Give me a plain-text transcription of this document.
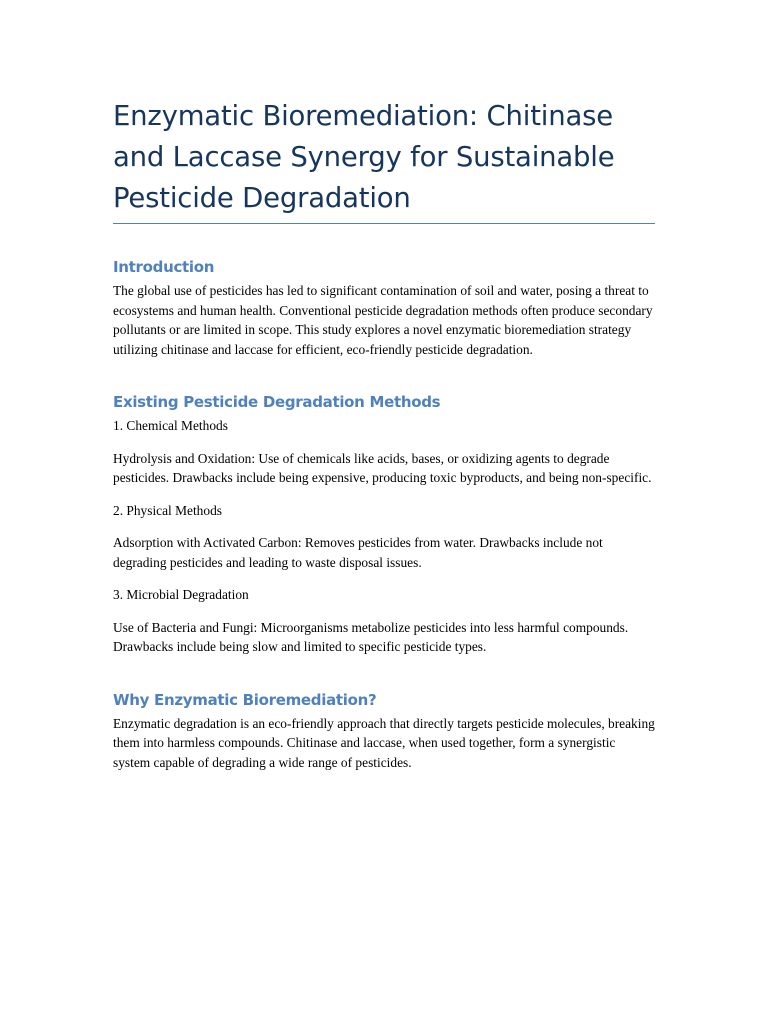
Enzymatic Bioremediation: Chitinase and Laccase Synergy for Sustainable Pesticide Degradation
Introduction

The global use of pesticides has led to significant contamination of soil and water, posing a threat to ecosystems and human health. Conventional pesticide degradation methods often produce secondary pollutants or are limited in scope. This study explores a novel enzymatic bioremediation strategy utilizing chitinase and laccase for efficient, eco-friendly pesticide degradation.

Existing Pesticide Degradation Methods

1. Chemical Methods

Hydrolysis and Oxidation: Use of chemicals like acids, bases, or oxidizing agents to degrade pesticides. Drawbacks include being expensive, producing toxic byproducts, and being non-specific.

2. Physical Methods

Adsorption with Activated Carbon: Removes pesticides from water. Drawbacks include not degrading pesticides and leading to waste disposal issues.

3. Microbial Degradation

Use of Bacteria and Fungi: Microorganisms metabolize pesticides into less harmful compounds. Drawbacks include being slow and limited to specific pesticide types.

Why Enzymatic Bioremediation?

Enzymatic degradation is an eco-friendly approach that directly targets pesticide molecules, breaking them into harmless compounds. Chitinase and laccase, when used together, form a synergistic system capable of degrading a wide range of pesticides.
